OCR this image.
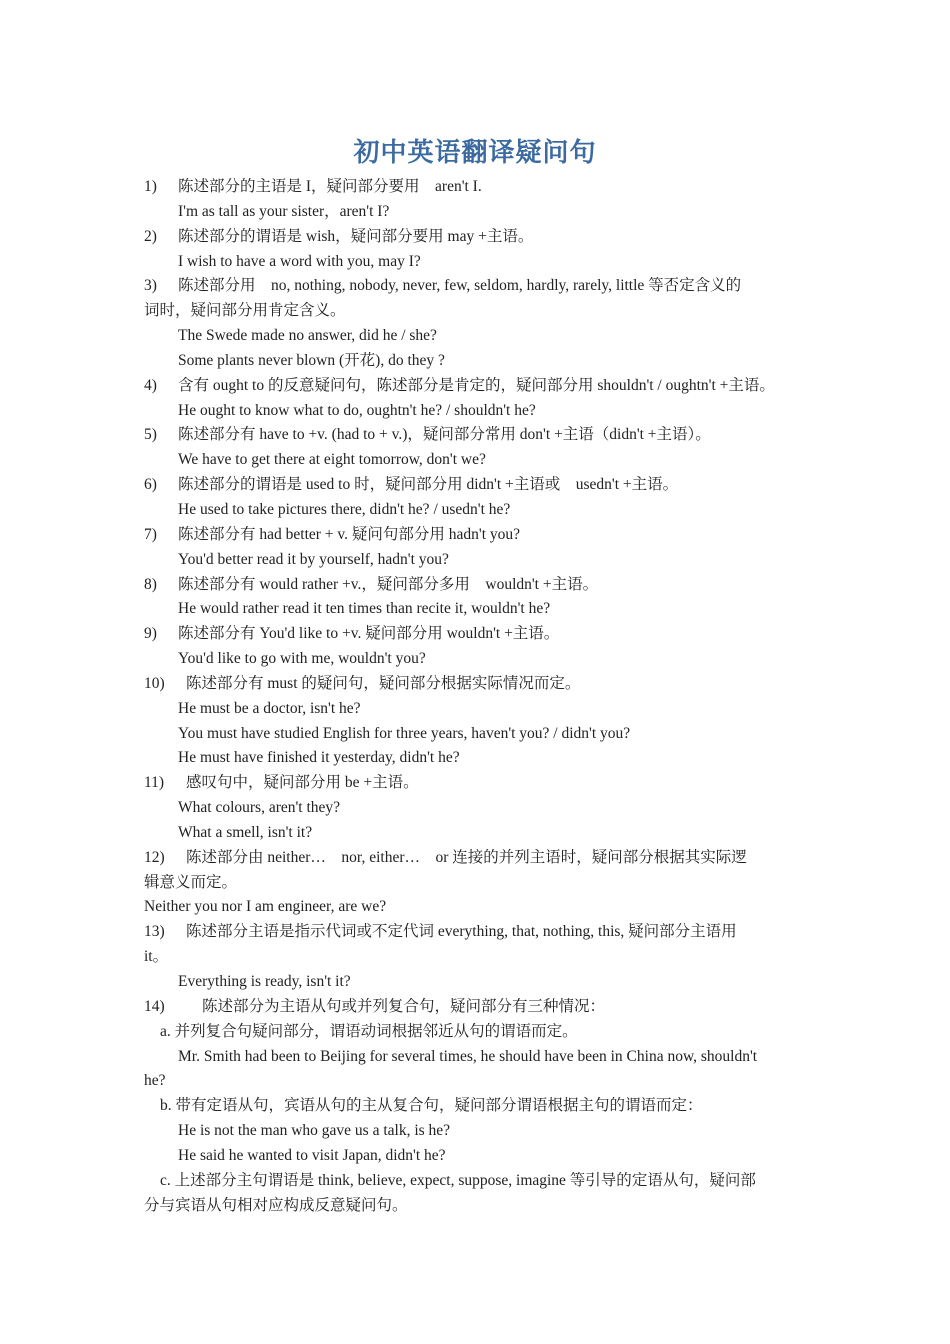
初中英语翻译疑问句
1) 陈述部分的主语是 I，疑问部分要用　aren't I.
I'm as tall as your sister，aren't I?
2) 陈述部分的谓语是 wish，疑问部分要用 may +主语。
I wish to have a word with you, may I?
3) 陈述部分用　no, nothing, nobody, never, few, seldom, hardly, rarely, little 等否定含义的
词时，疑问部分用肯定含义。
The Swede made no answer, did he / she?
Some plants never blown (开花), do they ?
4) 含有 ought to 的反意疑问句，陈述部分是肯定的，疑问部分用 shouldn't / oughtn't +主语。
He ought to know what to do, oughtn't he? / shouldn't he?
5) 陈述部分有 have to +v. (had to + v.)，疑问部分常用 don't +主语（didn't +主语）。
We have to get there at eight tomorrow, don't we?
6) 陈述部分的谓语是 used to 时，疑问部分用 didn't +主语或　usedn't +主语。
He used to take pictures there, didn't he? / usedn't he?
7) 陈述部分有 had better + v. 疑问句部分用 hadn't you?
You'd better read it by yourself, hadn't you?
8) 陈述部分有 would rather +v.，疑问部分多用　wouldn't +主语。
He would rather read it ten times than recite it, wouldn't he?
9) 陈述部分有 You'd like to +v. 疑问部分用 wouldn't +主语。
You'd like to go with me, wouldn't you?
10) 陈述部分有 must 的疑问句，疑问部分根据实际情况而定。
He must be a doctor, isn't he?
You must have studied English for three years, haven't you? / didn't you?
He must have finished it yesterday, didn't he?
11) 感叹句中，疑问部分用 be +主语。
What colours, aren't they?
What a smell, isn't it?
12) 陈述部分由 neither…　nor, either…　or 连接的并列主语时，疑问部分根据其实际逻
辑意义而定。
Neither you nor I am engineer, are we?
13) 陈述部分主语是指示代词或不定代词 everything, that, nothing, this, 疑问部分主语用
it。
Everything is ready, isn't it?
14) 陈述部分为主语从句或并列复合句，疑问部分有三种情况：
a. 并列复合句疑问部分，谓语动词根据邻近从句的谓语而定。
Mr. Smith had been to Beijing for several times, he should have been in China now, shouldn't
he?
b. 带有定语从句，宾语从句的主从复合句，疑问部分谓语根据主句的谓语而定：
He is not the man who gave us a talk, is he?
He said he wanted to visit Japan, didn't he?
c. 上述部分主句谓语是 think, believe, expect, suppose, imagine 等引导的定语从句，疑问部
分与宾语从句相对应构成反意疑问句。
